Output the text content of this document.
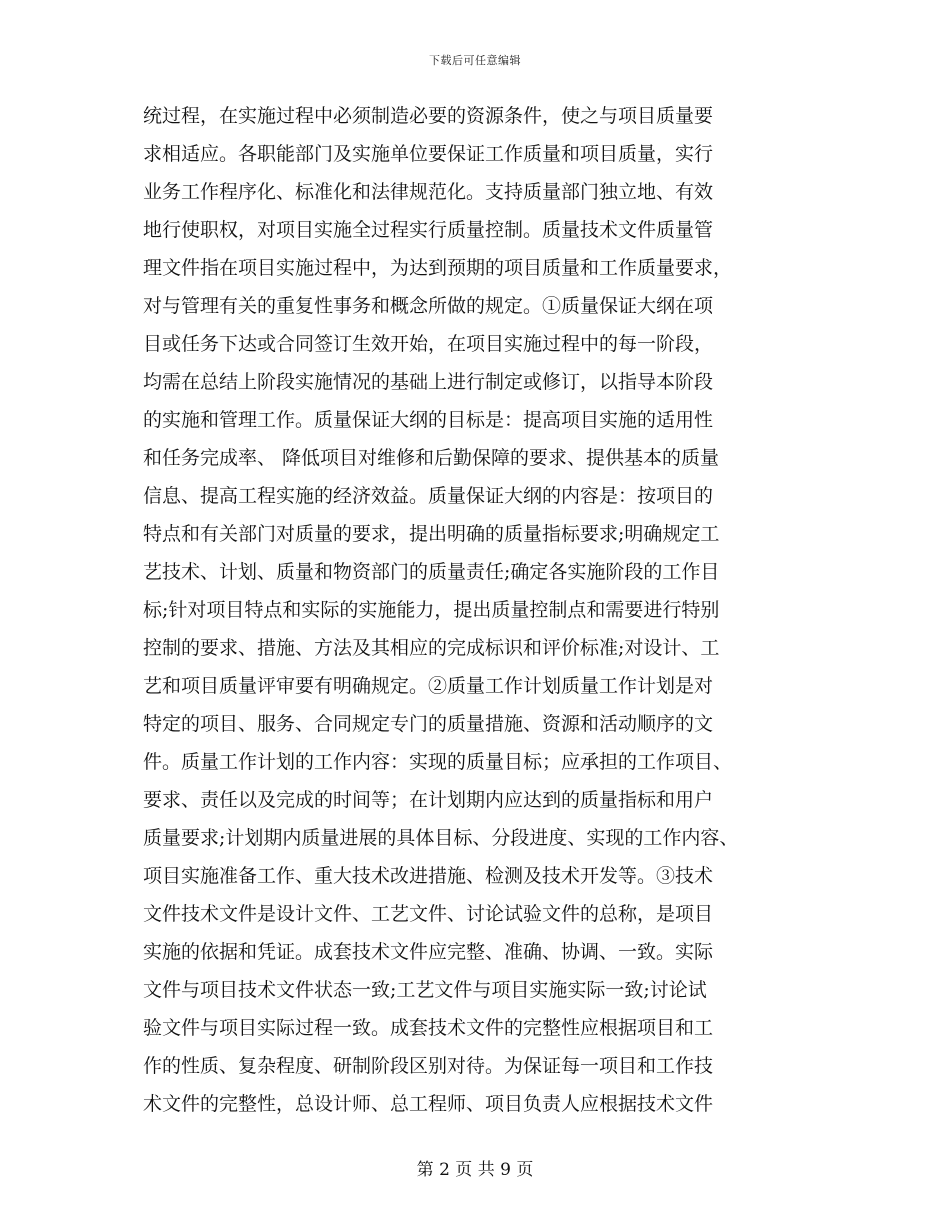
下载后可任意编辑
统过程，在实施过程中必须制造必要的资源条件，使之与项目质量要
求相适应。各职能部门及实施单位要保证工作质量和项目质量，实行
业务工作程序化、标准化和法律规范化。支持质量部门独立地、有效
地行使职权，对项目实施全过程实行质量控制。质量技术文件质量管
理文件指在项目实施过程中，为达到预期的项目质量和工作质量要求，
对与管理有关的重复性事务和概念所做的规定。①质量保证大纲在项
目或任务下达或合同签订生效开始，在项目实施过程中的每一阶段，
均需在总结上阶段实施情况的基础上进行制定或修订，以指导本阶段
的实施和管理工作。质量保证大纲的目标是：提高项目实施的适用性
和任务完成率、 降低项目对维修和后勤保障的要求、提供基本的质量
信息、提高工程实施的经济效益。质量保证大纲的内容是：按项目的
特点和有关部门对质量的要求，提出明确的质量指标要求;明确规定工
艺技术、计划、质量和物资部门的质量责任;确定各实施阶段的工作目
标;针对项目特点和实际的实施能力，提出质量控制点和需要进行特别
控制的要求、措施、方法及其相应的完成标识和评价标准;对设计、工
艺和项目质量评审要有明确规定。②质量工作计划质量工作计划是对
特定的项目、服务、合同规定专门的质量措施、资源和活动顺序的文
件。质量工作计划的工作内容：实现的质量目标；应承担的工作项目、
要求、责任以及完成的时间等；在计划期内应达到的质量指标和用户
质量要求;计划期内质量进展的具体目标、分段进度、实现的工作内容、
项目实施准备工作、重大技术改进措施、检测及技术开发等。③技术
文件技术文件是设计文件、工艺文件、讨论试验文件的总称，是项目
实施的依据和凭证。成套技术文件应完整、准确、协调、一致。实际
文件与项目技术文件状态一致;工艺文件与项目实施实际一致;讨论试
验文件与项目实际过程一致。成套技术文件的完整性应根据项目和工
作的性质、复杂程度、研制阶段区别对待。为保证每一项目和工作技
术文件的完整性，总设计师、总工程师、项目负责人应根据技术文件
第 2 页 共 9 页
